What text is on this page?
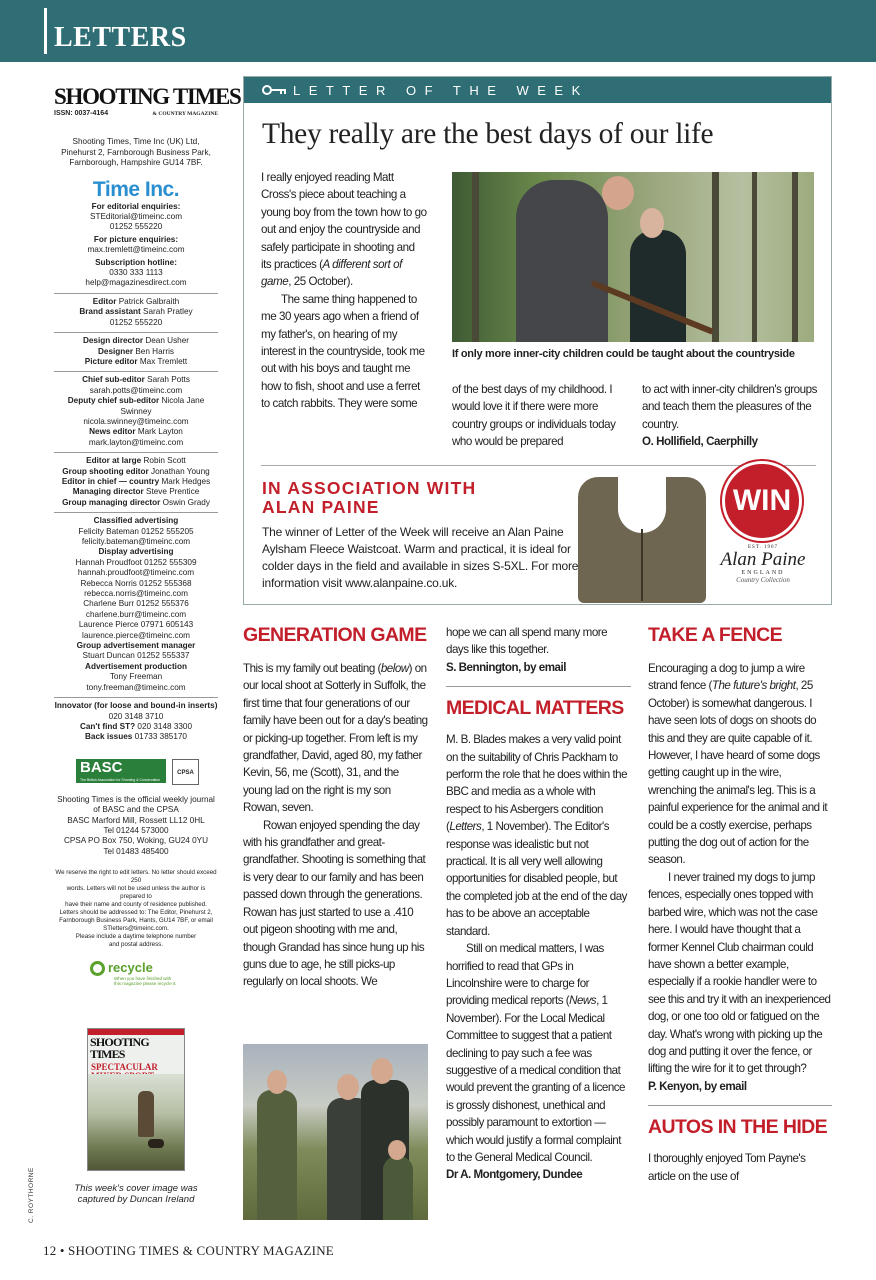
LETTERS
SHOOTING TIMES
ISSN: 0037-4164	& COUNTRY MAGAZINE
Shooting Times, Time Inc (UK) Ltd,
Pinehurst 2, Farnborough Business Park,
Farnborough, Hampshire GU14 7BF.
Time Inc.
For editorial enquiries:
STEditorial@timeinc.com
01252 555220
For picture enquiries:
max.tremlett@timeinc.com
Subscription hotline:
0330 333 1113
help@magazinesdirect.com
Editor Patrick Galbraith
Brand assistant Sarah Pratley
01252 555220
Design director Dean Usher
Designer Ben Harris
Picture editor Max Tremlett
Chief sub-editor Sarah Potts
sarah.potts@timeinc.com
Deputy chief sub-editor Nicola Jane Swinney
nicola.swinney@timeinc.com
News editor Mark Layton
mark.layton@timeinc.com
Editor at large Robin Scott
Group shooting editor Jonathan Young
Editor in chief — country Mark Hedges
Managing director Steve Prentice
Group managing director Oswin Grady
Classified advertising
Felicity Bateman 01252 555205
felicity.bateman@timeinc.com
Display advertising
Hannah Proudfoot 01252 555309
hannah.proudfoot@timeinc.com
Rebecca Norris 01252 555368
rebecca.norris@timeinc.com
Charlene Burr 01252 555376
charlene.burr@timeinc.com
Laurence Pierce 07971 605143
laurence.pierce@timeinc.com
Group advertisement manager
Stuart Duncan 01252 555337
Advertisement production
Tony Freeman
tony.freeman@timeinc.com
Innovator (for loose and bound-in inserts)
020 3148 3710
Can't find ST? 020 3148 3300
Back issues 01733 385170
BASC
The British Association for Shooting & Conservation
CPSA
Shooting Times is the official weekly journal
of BASC and the CPSA
BASC Marford Mill, Rossett LL12 0HL
Tel 01244 573000
CPSA PO Box 750, Woking, GU24 0YU
Tel 01483 485400
We reserve the right to edit letters. No letter should exceed 250
words. Letters will not be used unless the author is prepared to
have their name and county of residence published.
Letters should be addressed to: The Editor, Pinehurst 2,
Farnborough Business Park, Hants, GU14 7BF, or email
STletters@timeinc.com.
Please include a daytime telephone number
and postal address.
recycle
When you have finished with
this magazine please recycle it.
SHOOTING TIMES
SPECTACULAR
This week's cover image was captured by Duncan Ireland
C. ROYTHORNE
LETTER OF THE WEEK
They really are the best days of our life

I really enjoyed reading Matt Cross's piece about teaching a young boy from the town how to go out and enjoy the countryside and safely participate in shooting and its practices (A different sort of game, 25 October).

The same thing happened to me 30 years ago when a friend of my father's, on hearing of my interest in the countryside, took me out with his boys and taught me how to fish, shoot and use a ferret to catch rabbits. They were some

If only more inner-city children could be taught about the countryside
of the best days of my childhood. I would love it if there were more country groups or individuals today who would be prepared
to act with inner-city children's groups and teach them the pleasures of the country.
O. Hollifield, Caerphilly
IN ASSOCIATION WITH ALAN PAINE
The winner of Letter of the Week will receive an Alan Paine Aylsham Fleece Waistcoat. Warm and practical, it is ideal for colder days in the field and available in sizes S-5XL. For more information visit www.alanpaine.co.uk.
WIN
EST. 1907
Alan Paine
ENGLAND
Country Collection
GENERATION GAME

This is my family out beating (below) on our local shoot at Sotterly in Suffolk, the first time that four generations of our family have been out for a day's beating or picking-up together. From left is my grandfather, David, aged 80, my father Kevin, 56, me (Scott), 31, and the young lad on the right is my son Rowan, seven.

Rowan enjoyed spending the day with his grandfather and great-grandfather. Shooting is something that is very dear to our family and has been passed down through the generations. Rowan has just started to use a .410 out pigeon shooting with me and, though Grandad has since hung up his guns due to age, he still picks-up regularly on local shoots. We

hope we can all spend many more days like this together.

S. Bennington, by email

MEDICAL MATTERS

M. B. Blades makes a very valid point on the suitability of Chris Packham to perform the role that he does within the BBC and media as a whole with respect to his Asbergers condition (Letters, 1 November). The Editor's response was idealistic but not practical. It is all very well allowing opportunities for disabled people, but the completed job at the end of the day has to be above an acceptable standard.

Still on medical matters, I was horrified to read that GPs in Lincolnshire were to charge for providing medical reports (News, 1 November). For the Local Medical Committee to suggest that a patient declining to pay such a fee was suggestive of a medical condition that would prevent the granting of a licence is grossly dishonest, unethical and possibly paramount to extortion — which would justify a formal complaint to the General Medical Council.

Dr A. Montgomery, Dundee

TAKE A FENCE

Encouraging a dog to jump a wire strand fence (The future's bright, 25 October) is somewhat dangerous. I have seen lots of dogs on shoots do this and they are quite capable of it. However, I have heard of some dogs getting caught up in the wire, wrenching the animal's leg. This is a painful experience for the animal and it could be a costly exercise, perhaps putting the dog out of action for the season.

I never trained my dogs to jump fences, especially ones topped with barbed wire, which was not the case here. I would have thought that a former Kennel Club chairman could have shown a better example, especially if a rookie handler were to see this and try it with an inexperienced dog, or one too old or fatigued on the day. What's wrong with picking up the dog and putting it over the fence, or lifting the wire for it to get through?

P. Kenyon, by email

AUTOS IN THE HIDE

I thoroughly enjoyed Tom Payne's article on the use of

12 • SHOOTING TIMES & COUNTRY MAGAZINE
